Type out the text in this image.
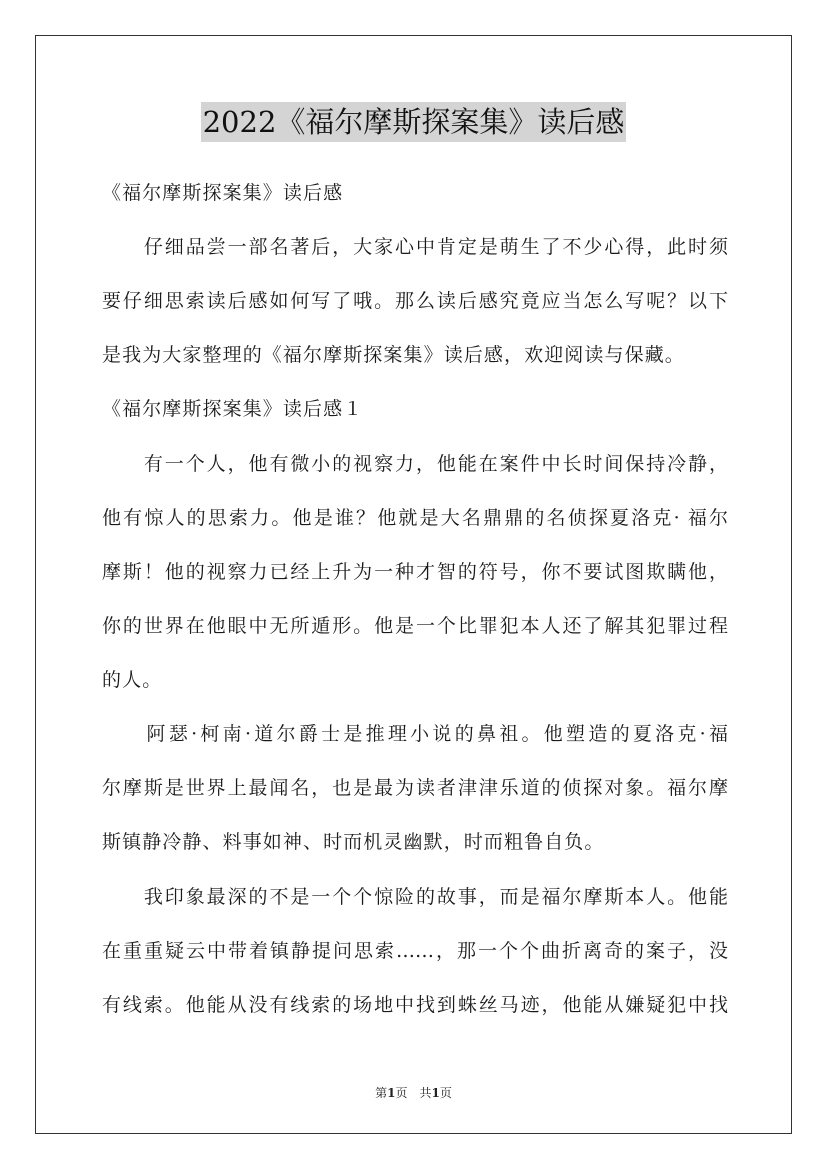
2022《福尔摩斯探案集》读后感
《福尔摩斯探案集》读后感
　　仔细品尝一部名著后，大家心中肯定是萌生了不少心得，此时须
要仔细思索读后感如何写了哦。那么读后感究竟应当怎么写呢？以下
是我为大家整理的《福尔摩斯探案集》读后感，欢迎阅读与保藏。
《福尔摩斯探案集》读后感１
　　有一个人，他有微小的视察力，他能在案件中长时间保持冷静，
他有惊人的思索力。他是谁？他就是大名鼎鼎的名侦探夏洛克· 福尔
摩斯！他的视察力已经上升为一种才智的符号，你不要试图欺瞒他，
你的世界在他眼中无所遁形。他是一个比罪犯本人还了解其犯罪过程
的人。
　　阿瑟·柯南·道尔爵士是推理小说的鼻祖。他塑造的夏洛克·福
尔摩斯是世界上最闻名，也是最为读者津津乐道的侦探对象。福尔摩
斯镇静冷静、料事如神、时而机灵幽默，时而粗鲁自负。
　　我印象最深的不是一个个惊险的故事，而是福尔摩斯本人。他能
在重重疑云中带着镇静提问思索……，那一个个曲折离奇的案子，没
有线索。他能从没有线索的场地中找到蛛丝马迹，他能从嫌疑犯中找
第1页　共1页
